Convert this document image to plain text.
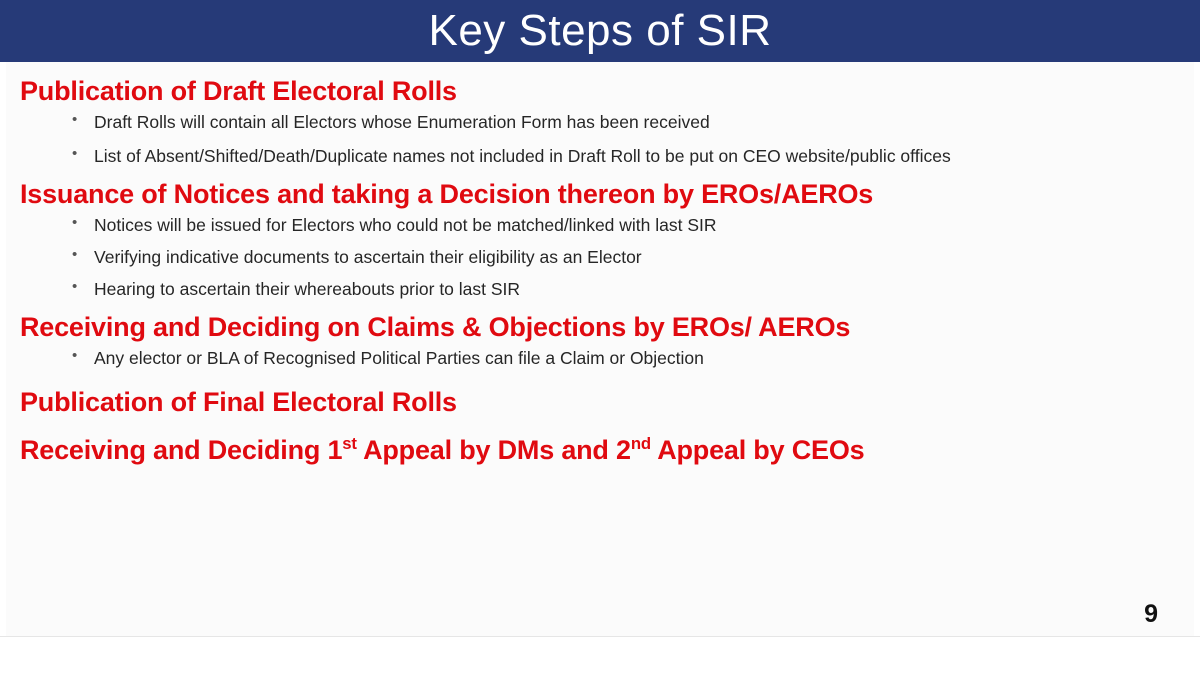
Key Steps of SIR
Publication of Draft Electoral Rolls
• Draft Rolls will contain all Electors whose Enumeration Form has been received
• List of Absent/Shifted/Death/Duplicate names not included in Draft Roll to be put on CEO website/public offices
Issuance of Notices and taking a Decision thereon by EROs/AEROs
• Notices will be issued for Electors who could not be matched/linked with last SIR
• Verifying indicative documents to ascertain their eligibility as an Elector
• Hearing to ascertain their whereabouts prior to last SIR
Receiving and Deciding on Claims & Objections by EROs/ AEROs
• Any elector or BLA of Recognised Political Parties can file a Claim or Objection
Publication of Final Electoral Rolls
Receiving and Deciding 1st Appeal by DMs and 2nd Appeal by CEOs
9
